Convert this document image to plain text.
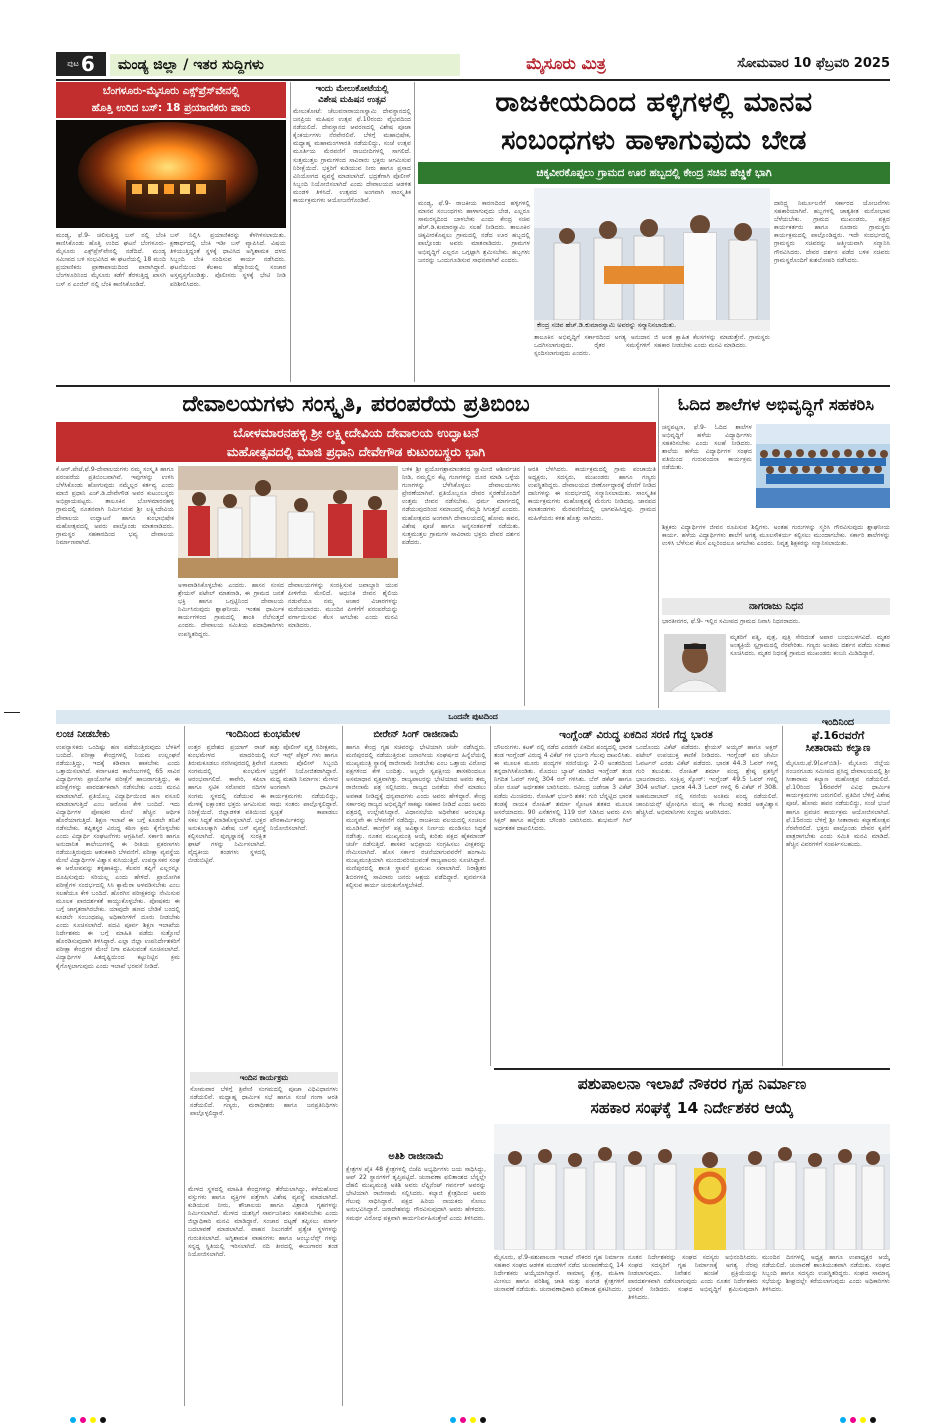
ಪುಟ 6	ಮಂಡ್ಯ ಜಿಲ್ಲಾ / ಇತರ ಸುದ್ದಿಗಳು	ಮೈಸೂರು ಮಿತ್ರ	ಸೋಮವಾರ 10 ಫೆಬ್ರವರಿ 2025
ಬೆಂಗಳೂರು-ಮೈಸೂರು ಎಕ್ಸ್‌ಪ್ರೆಸ್‌ವೇನಲ್ಲಿ
ಹೊತ್ತಿ ಉರಿದ ಬಸ್: 18 ಪ್ರಯಾಣಿಕರು ಪಾರು
ಮಂಡ್ಯ, ಫೆ.9- ಚಲಿಸುತ್ತಿದ್ದ ಬಸ್ ನಲ್ಲಿ ಬೆಂಕಿ ಕಾಣಿಸಿಕೊಂಡು ಹೊತ್ತಿ ಉರಿದ ಘಟನೆ ಬೆಂಗಳೂರು-ಮೈಸೂರು ಎಕ್ಸ್‌ಪ್ರೆಸ್‌ವೇನಲ್ಲಿ ನಡೆದಿದೆ. ಮಂಡ್ಯ ಸಮೀಪದ ಬಳಿ ಸಂಭವಿಸಿದ ಈ ಘಟನೆಯಲ್ಲಿ 18 ಮಂದಿ ಪ್ರಯಾಣಿಕರು ಪ್ರಾಣಾಪಾಯದಿಂದ ಪಾರಾಗಿದ್ದಾರೆ. ಬೆಂಗಳೂರಿನಿಂದ ಮೈಸೂರು ಕಡೆಗೆ ತೆರಳುತ್ತಿದ್ದ ಖಾಸಗಿ ಬಸ್ ನ ಎಂಜಿನ್ ನಲ್ಲಿ ಬೆಂಕಿ ಕಾಣಿಸಿಕೊಂಡಿದೆ.
ಬಸ್ ನಿಲ್ಲಿಸಿ ಪ್ರಯಾಣಿಕರನ್ನು ಕೆಳಗಿಳಿಸಲಾಯಿತು. ಕ್ಷಣಾರ್ಧದಲ್ಲಿ ಬೆಂಕಿ ಇಡೀ ಬಸ್ ವ್ಯಾಪಿಸಿದೆ. ವಿಷಯ ತಿಳಿಯುತ್ತಿದ್ದಂತೆ ಸ್ಥಳಕ್ಕೆ ಧಾವಿಸಿದ ಅಗ್ನಿಶಾಮಕ ದಳದ ಸಿಬ್ಬಂದಿ ಬೆಂಕಿ ನಂದಿಸುವ ಕಾರ್ಯ ನಡೆಸಿದರು. ಘಟನೆಯಿಂದ ಕೆಲಕಾಲ ಹೆದ್ದಾರಿಯಲ್ಲಿ ಸಂಚಾರ ಅಸ್ತವ್ಯಸ್ತಗೊಂಡಿತ್ತು. ಪೊಲೀಸರು ಸ್ಥಳಕ್ಕೆ ಭೇಟಿ ನೀಡಿ ಪರಿಶೀಲಿಸಿದರು.
ಇಂದು ಮೇಲುಕೋಟೆಯಲ್ಲಿ
ವಿಶೇಷ ಮಹಿಷನ ಉತ್ಸವ
ಮೇಲುಕೋಟೆ: ಚೆಲುವನಾರಾಯಣಸ್ವಾಮಿ ದೇವಸ್ಥಾನದಲ್ಲಿ ಜನಪ್ರಿಯ ಮಹಿಷನ ಉತ್ಸವ ಫೆ.10ರಂದು ವೈಭವದಿಂದ ನಡೆಯಲಿದೆ. ದೇವಸ್ಥಾನದ ಆವರಣದಲ್ಲಿ ವಿಶೇಷ ಪೂಜಾ ಕೈಂಕರ್ಯಗಳು ನೆರವೇರಲಿವೆ. ಬೆಳಿಗ್ಗೆ ಮಹಾಭಿಷೇಕ, ಮಧ್ಯಾಹ್ನ ಮಹಾಮಂಗಳಾರತಿ ನಡೆಯಲಿದ್ದು, ಸಂಜೆ ಉತ್ಸವ ಮೂರ್ತಿಯ ಮೆರವಣಿಗೆ ರಾಜಬೀದಿಗಳಲ್ಲಿ ಸಾಗಲಿದೆ. ಸುತ್ತಮುತ್ತಲ ಗ್ರಾಮಗಳಿಂದ ಸಾವಿರಾರು ಭಕ್ತರು ಆಗಮಿಸುವ ನಿರೀಕ್ಷೆಯಿದೆ. ಭಕ್ತರಿಗೆ ಕುಡಿಯುವ ನೀರು ಹಾಗೂ ಪ್ರಸಾದ ವಿನಿಯೋಗದ ವ್ಯವಸ್ಥೆ ಮಾಡಲಾಗಿದೆ. ಭದ್ರತೆಗಾಗಿ ಪೊಲೀಸ್ ಸಿಬ್ಬಂದಿ ನಿಯೋಜಿಸಲಾಗಿದೆ ಎಂದು ದೇವಾಲಯದ ಆಡಳಿತ ಮಂಡಳಿ ತಿಳಿಸಿದೆ. ಉತ್ಸವದ ಅಂಗವಾಗಿ ಸಾಂಸ್ಕೃತಿಕ ಕಾರ್ಯಕ್ರಮಗಳು ಆಯೋಜನೆಗೊಂಡಿವೆ.
ರಾಜಕೀಯದಿಂದ ಹಳ್ಳಿಗಳಲ್ಲಿ ಮಾನವ
ಸಂಬಂಧಗಳು ಹಾಳಾಗುವುದು ಬೇಡ
ಚಿಕ್ಕವೀರಕೊಪ್ಪಲು ಗ್ರಾಮದ ಊರ ಹಬ್ಬದಲ್ಲಿ ಕೇಂದ್ರ ಸಚಿವ ಹೆಚ್ಡಿಕೆ ಭಾಗಿ
ಮಂಡ್ಯ, ಫೆ.9- ರಾಜಕೀಯ ಕಾರಣದಿಂದ ಹಳ್ಳಿಗಳಲ್ಲಿ ಮಾನವ ಸಂಬಂಧಗಳು ಹಾಳಾಗುವುದು ಬೇಡ, ಎಲ್ಲರೂ ಸಾಮರಸ್ಯದಿಂದ ಬಾಳಬೇಕು ಎಂದು ಕೇಂದ್ರ ಸಚಿವ ಹೆಚ್.ಡಿ.ಕುಮಾರಸ್ವಾಮಿ ಸಲಹೆ ನೀಡಿದರು. ತಾಲೂಕಿನ ಚಿಕ್ಕವೀರಕೊಪ್ಪಲು ಗ್ರಾಮದಲ್ಲಿ ನಡೆದ ಊರ ಹಬ್ಬದಲ್ಲಿ ಪಾಲ್ಗೊಂಡು ಅವರು ಮಾತನಾಡಿದರು. ಗ್ರಾಮಗಳ ಅಭಿವೃದ್ಧಿಗೆ ಎಲ್ಲರೂ ಒಗ್ಗಟ್ಟಾಗಿ ಶ್ರಮಿಸಬೇಕು. ಹಬ್ಬಗಳು ಜನರನ್ನು ಒಂದುಗೂಡಿಸುವ ಸಾಧನವಾಗಿವೆ ಎಂದರು.
ಕೇಂದ್ರ ಸಚಿವ ಹೆಚ್.ಡಿ.ಕುಮಾರಸ್ವಾಮಿ ಅವರನ್ನು ಸನ್ಮಾನಿಸಲಾಯಿತು.
ತಾಲೂಕಿನ ಅಭಿವೃದ್ಧಿಗೆ ಸರ್ಕಾರದಿಂದ ಅಗತ್ಯ ಅನುದಾನ ಒದಗಿಸಲಾಗುವುದು. ರೈತರ ಸಮಸ್ಯೆಗಳಿಗೆ ಸ್ಪಂದಿಸಲಾಗುವುದು ಎಂದರು.
ಜಿ ಆಂತ ಕ್ಷಾಹಿತ ಕೆಲಸಗಳನ್ನು ಮಾಡುತ್ತೇನೆ. ಗ್ರಾಮಸ್ಥರು ಸಹಕಾರ ನೀಡಬೇಕು ಎಂದು ಮನವಿ ಮಾಡಿದರು.
ದಾರಿದ್ರ್ಯ ನಿರ್ಮೂಲನೆಗೆ ಸರ್ಕಾರದ ಯೋಜನೆಗಳು ಸಹಕಾರಿಯಾಗಿವೆ. ಹಬ್ಬಗಳಲ್ಲಿ ಜಾತ್ಯತೀತ ಮನೋಭಾವ ಬೆಳೆಯಬೇಕು. ಗ್ರಾಮದ ಮುಖಂಡರು, ಪಕ್ಷದ ಕಾರ್ಯಕರ್ತರು ಹಾಗೂ ನೂರಾರು ಗ್ರಾಮಸ್ಥರು ಕಾರ್ಯಕ್ರಮದಲ್ಲಿ ಪಾಲ್ಗೊಂಡಿದ್ದರು. ಇದೇ ಸಂದರ್ಭದಲ್ಲಿ ಗ್ರಾಮಸ್ಥರು ಸಚಿವರನ್ನು ಆತ್ಮೀಯವಾಗಿ ಸನ್ಮಾನಿಸಿ ಗೌರವಿಸಿದರು. ದೇವರ ದರ್ಶನ ಪಡೆದ ಬಳಿಕ ಸಚಿವರು ಗ್ರಾಮಸ್ಥರೊಂದಿಗೆ ಕುಶಲೋಪರಿ ನಡೆಸಿದರು.
ದೇವಾಲಯಗಳು ಸಂಸ್ಕೃತಿ, ಪರಂಪರೆಯ ಪ್ರತಿಬಿಂಬ
ಬೋಳಮಾರನಹಳ್ಳಿ ಶ್ರೀ ಲಕ್ಷ್ಮೀದೇವಿಯ ದೇವಾಲಯ ಉದ್ಘಾಟನೆ
ಮಹೋತ್ಸವದಲ್ಲಿ ಮಾಜಿ ಪ್ರಧಾನಿ ದೇವೇಗೌಡ ಕುಟುಂಬಸ್ಥರು ಭಾಗಿ
ಕೆ.ಆರ್.ಪೇಟೆ,ಫೆ.9-ದೇವಾಲಯಗಳು ನಮ್ಮ ಸಂಸ್ಕೃತಿ ಹಾಗೂ ಪರಂಪರೆಯ ಪ್ರತಿಬಿಂಬವಾಗಿವೆ. ಇವುಗಳನ್ನು ಉಳಿಸಿ ಬೆಳೆಸಿಕೊಂಡು ಹೋಗುವುದು ನಮ್ಮೆಲ್ಲರ ಕರ್ತವ್ಯ ಎಂದು ಮಾಜಿ ಪ್ರಧಾನಿ ಎಚ್.ಡಿ.ದೇವೇಗೌಡ ಅವರ ಕುಟುಂಬಸ್ಥರು ಅಭಿಪ್ರಾಯಪಟ್ಟರು. ತಾಲೂಕಿನ ಬೋಳಮಾರನಹಳ್ಳಿ ಗ್ರಾಮದಲ್ಲಿ ನೂತನವಾಗಿ ನಿರ್ಮಿಸಿರುವ ಶ್ರೀ ಲಕ್ಷ್ಮೀದೇವಿಯ ದೇವಾಲಯ ಉದ್ಘಾಟನೆ ಹಾಗೂ ಕುಂಭಾಭಿಷೇಕ ಮಹೋತ್ಸವದಲ್ಲಿ ಅವರು ಪಾಲ್ಗೊಂಡು ಮಾತನಾಡಿದರು. ಗ್ರಾಮಸ್ಥರ ಸಹಕಾರದಿಂದ ಭವ್ಯ ದೇವಾಲಯ ನಿರ್ಮಾಣವಾಗಿದೆ.
ಅಳಾವಾಡಿಸಿಕೊಳ್ಳಬೇಕು ಎಂದರು. ಹಾಸನ ಸಂಸದ ಶ್ರೇಯಸ್ ಪಟೇಲ್ ಮಾತನಾಡಿ, ಈ ಗ್ರಾಮದ ಜನತೆ ಭಕ್ತಿ ಹಾಗೂ ಒಗ್ಗಟ್ಟಿನಿಂದ ದೇವಾಲಯ ನಿರ್ಮಿಸಿರುವುದು ಶ್ಲಾಘನೀಯ. ಇಂತಹ ಧಾರ್ಮಿಕ ಕಾರ್ಯಗಳಿಂದ ಗ್ರಾಮದಲ್ಲಿ ಶಾಂತಿ ನೆಲೆಸುತ್ತದೆ ಎಂದರು. ದೇವಾಲಯ ಸಮಿತಿಯ ಪದಾಧಿಕಾರಿಗಳು ಉಪಸ್ಥಿತರಿದ್ದರು.
ದೇವಾಲಯಗಳನ್ನು ಸಂರಕ್ಷಿಸುವ ಜವಾಬ್ದಾರಿ ಯುವ ಪೀಳಿಗೆಯ ಮೇಲಿದೆ. ಆಧುನಿಕ ಜೀವನ ಶೈಲಿಯ ನಡುವೆಯೂ ನಮ್ಮ ಆಚಾರ ವಿಚಾರಗಳನ್ನು ಮರೆಯಬಾರದು. ಮುಂದಿನ ಪೀಳಿಗೆಗೆ ಪರಂಪರೆಯನ್ನು ವರ್ಗಾಯಿಸುವ ಕೆಲಸ ಆಗಬೇಕು ಎಂದು ಮನವಿ ಮಾಡಿದರು.
ಬಳಿಕ ಶ್ರೀ ಪ್ರಯೋಗಶ್ರಾಮಾಂತರದ ಸ್ವಾಮೀಜಿ ಆಶೀರ್ವಚನ ನೀಡಿ, ನಮ್ಮಲ್ಲಿನ ಕೆಟ್ಟ ಗುಣಗಳನ್ನು ದೂರ ಮಾಡಿ ಒಳ್ಳೆಯ ಗುಣಗಳನ್ನು ಬೆಳೆಸಿಕೊಳ್ಳಲು ದೇವಾಲಯಗಳು ಪ್ರೇರಣೆಯಾಗಿವೆ. ಪ್ರತಿಯೊಬ್ಬರೂ ದೇವರ ಸ್ಮರಣೆಯೊಂದಿಗೆ ಉತ್ತಮ ಜೀವನ ನಡೆಸಬೇಕು. ಧರ್ಮ ಮಾರ್ಗದಲ್ಲಿ ನಡೆಯುವುದರಿಂದ ಸಮಾಜದಲ್ಲಿ ನೆಮ್ಮದಿ ಸಿಗುತ್ತದೆ ಎಂದರು. ಮಹೋತ್ಸವದ ಅಂಗವಾಗಿ ದೇವಾಲಯದಲ್ಲಿ ಹೋಮ ಹವನ, ವಿಶೇಷ ಪೂಜೆ ಹಾಗೂ ಅನ್ನಸಂತರ್ಪಣೆ ನಡೆಯಿತು. ಸುತ್ತಮುತ್ತಲ ಗ್ರಾಮಗಳ ಸಾವಿರಾರು ಭಕ್ತರು ದೇವರ ದರ್ಶನ ಪಡೆದರು.
ಆರತಿ ಬೆಳಗಿದರು. ಕಾರ್ಯಕ್ರಮದಲ್ಲಿ ಗ್ರಾಮ ಪಂಚಾಯಿತಿ ಅಧ್ಯಕ್ಷರು, ಸದಸ್ಯರು, ಮುಖಂಡರು ಹಾಗೂ ಗಣ್ಯರು ಉಪಸ್ಥಿತರಿದ್ದರು. ದೇವಾಲಯದ ಜೀರ್ಣೋದ್ಧಾರಕ್ಕೆ ದೇಣಿಗೆ ನೀಡಿದ ದಾನಿಗಳನ್ನು ಈ ಸಂದರ್ಭದಲ್ಲಿ ಸನ್ಮಾನಿಸಲಾಯಿತು. ಸಾಂಸ್ಕೃತಿಕ ಕಾರ್ಯಕ್ರಮಗಳು ಮಹೋತ್ಸವಕ್ಕೆ ಮೆರುಗು ನೀಡಿದವು. ಜಾನಪದ ಕಲಾತಂಡಗಳು ಮೆರವಣಿಗೆಯಲ್ಲಿ ಭಾಗವಹಿಸಿದ್ದವು. ಗ್ರಾಮದ ಮಹಿಳೆಯರು ಕಳಶ ಹೊತ್ತು ಸಾಗಿದರು.
ಓದಿದ ಶಾಲೆಗಳ ಅಭಿವೃದ್ಧಿಗೆ ಸಹಕರಿಸಿ
ಚನ್ನಪಟ್ಟಣ, ಫೆ.9- ಓದಿದ ಶಾಲೆಗಳ ಅಭಿವೃದ್ಧಿಗೆ ಹಳೆಯ ವಿದ್ಯಾರ್ಥಿಗಳು ಸಹಕರಿಸಬೇಕು ಎಂದು ಸಲಹೆ ನೀಡಿದರು. ಶಾಲೆಯ ಹಳೆಯ ವಿದ್ಯಾರ್ಥಿಗಳ ಸಂಘದ ವತಿಯಿಂದ ಗುರುವಂದನಾ ಕಾರ್ಯಕ್ರಮ ನಡೆಯಿತು.
ಶಿಕ್ಷಕರು ವಿದ್ಯಾರ್ಥಿಗಳ ಜೀವನ ರೂಪಿಸುವ ಶಿಲ್ಪಿಗಳು. ಅಂತಹ ಗುರುಗಳನ್ನು ಸ್ಮರಿಸಿ ಗೌರವಿಸುವುದು ಶ್ಲಾಘನೀಯ ಕಾರ್ಯ. ಹಳೆಯ ವಿದ್ಯಾರ್ಥಿಗಳು ಶಾಲೆಗೆ ಅಗತ್ಯ ಮೂಲಸೌಕರ್ಯ ಕಲ್ಪಿಸಲು ಮುಂದಾಗಬೇಕು. ಸರ್ಕಾರಿ ಶಾಲೆಗಳನ್ನು ಉಳಿಸಿ ಬೆಳೆಸುವ ಕೆಲಸ ಎಲ್ಲರಿಂದಲೂ ಆಗಬೇಕು ಎಂದರು. ನಿವೃತ್ತ ಶಿಕ್ಷಕರನ್ನು ಸನ್ಮಾನಿಸಲಾಯಿತು.
ನಾಗರಾಜು ನಿಧನ
ಭಾರತೀನಗರ, ಫೆ.9- ಇಲ್ಲಿನ ಸಮೀಪದ ಗ್ರಾಮದ ನಿವಾಸಿ ನಿಧನರಾದರು.
ಮೃತರಿಗೆ ಪತ್ನಿ, ಪುತ್ರ, ಪುತ್ರಿ ಸೇರಿದಂತೆ ಅಪಾರ ಬಂಧುಬಳಗವಿದೆ. ಮೃತರ ಅಂತ್ಯಕ್ರಿಯೆ ಸ್ವಗ್ರಾಮದಲ್ಲಿ ನೆರವೇರಿತು. ಗಣ್ಯರು ಅಂತಿಮ ದರ್ಶನ ಪಡೆದು ಸಂತಾಪ ಸೂಚಿಸಿದರು. ಮೃತರ ನಿಧನಕ್ಕೆ ಗ್ರಾಮದ ಮುಖಂಡರು ಕಂಬನಿ ಮಿಡಿದಿದ್ದಾರೆ.
ಒಂದನೇ ಪುಟದಿಂದ
ಲಂಚ ನೀಡಬೇಕು
ಉಪನ್ಯಾಸಕರು ಒಂದಿಷ್ಟು ಹಣ ಪಡೆಯುತ್ತಿರುವುದು ಬೆಳಕಿಗೆ ಬಂದಿದೆ. ಪರೀಕ್ಷಾ ಕೇಂದ್ರಗಳಲ್ಲಿ ನಿಯಮ ಉಲ್ಲಂಘನೆ ನಡೆಯುತ್ತಿದ್ದು, ಇದಕ್ಕೆ ಕಡಿವಾಣ ಹಾಕಬೇಕು ಎಂದು ಒತ್ತಾಯಿಸಲಾಗಿದೆ. ಕರ್ನಾಟಕದ ಕಾಲೇಜುಗಳಲ್ಲಿ 65 ಸಾವಿರ ವಿದ್ಯಾರ್ಥಿಗಳು ಪ್ರಾಯೋಗಿಕ ಪರೀಕ್ಷೆಗೆ ಹಾಜರಾಗುತ್ತಿದ್ದು, ಈ ಪರೀಕ್ಷೆಗಳನ್ನು ಪಾರದರ್ಶಕವಾಗಿ ನಡೆಸಬೇಕು ಎಂದು ಮನವಿ ಮಾಡಲಾಗಿದೆ. ಪ್ರತಿಯೊಬ್ಬ ವಿದ್ಯಾರ್ಥಿಯಿಂದ ಹಣ ವಸೂಲಿ ಮಾಡಲಾಗುತ್ತಿದೆ ಎಂಬ ಆರೋಪ ಕೇಳಿ ಬಂದಿದೆ. ಇದು ವಿದ್ಯಾರ್ಥಿಗಳ ಪೋಷಕರ ಮೇಲೆ ಹೆಚ್ಚಿನ ಆರ್ಥಿಕ ಹೊರೆಯಾಗುತ್ತಿದೆ. ಶಿಕ್ಷಣ ಇಲಾಖೆ ಈ ಬಗ್ಗೆ ಕೂಡಲೇ ತನಿಖೆ ನಡೆಸಬೇಕು. ತಪ್ಪಿತಸ್ಥರ ವಿರುದ್ಧ ಕಠಿಣ ಕ್ರಮ ಕೈಗೊಳ್ಳಬೇಕು ಎಂದು ವಿದ್ಯಾರ್ಥಿ ಸಂಘಟನೆಗಳು ಆಗ್ರಹಿಸಿವೆ. ಸರ್ಕಾರಿ ಹಾಗೂ ಅನುದಾನಿತ ಕಾಲೇಜುಗಳಲ್ಲಿ ಈ ರೀತಿಯ ಪ್ರಕರಣಗಳು ನಡೆಯುತ್ತಿರುವುದು ಆತಂಕಕಾರಿ ಬೆಳವಣಿಗೆ. ಪರೀಕ್ಷಾ ವ್ಯವಸ್ಥೆಯ ಮೇಲೆ ವಿದ್ಯಾರ್ಥಿಗಳ ವಿಶ್ವಾಸ ಕುಸಿಯುತ್ತಿದೆ. ಉಪನ್ಯಾಸಕರ ಸಂಘ ಈ ಆರೋಪವನ್ನು ತಳ್ಳಿಹಾಕಿದ್ದು, ಕೆಲವರ ತಪ್ಪಿಗೆ ಎಲ್ಲರನ್ನೂ ದೂಷಿಸುವುದು ಸರಿಯಲ್ಲ ಎಂದು ಹೇಳಿದೆ. ಪ್ರಾಯೋಗಿಕ ಪರೀಕ್ಷೆಗಳ ಸಂದರ್ಭದಲ್ಲಿ ಸಿಸಿ ಕ್ಯಾಮೆರಾ ಅಳವಡಿಸಬೇಕು ಎಂಬ ಸಲಹೆಯೂ ಕೇಳಿ ಬಂದಿದೆ. ಹೊರಗಿನ ಪರೀಕ್ಷಕರನ್ನು ನೇಮಿಸುವ ಮೂಲಕ ಪಾರದರ್ಶಕತೆ ಕಾಯ್ದುಕೊಳ್ಳಬೇಕು. ಪೋಷಕರು ಈ ಬಗ್ಗೆ ಜಾಗೃತರಾಗಿರಬೇಕು. ಯಾವುದೇ ಹಣದ ಬೇಡಿಕೆ ಬಂದಲ್ಲಿ ಕೂಡಲೇ ಸಂಬಂಧಪಟ್ಟ ಅಧಿಕಾರಿಗಳಿಗೆ ದೂರು ನೀಡಬೇಕು ಎಂದು ಸೂಚಿಸಲಾಗಿದೆ. ಪದವಿ ಪೂರ್ವ ಶಿಕ್ಷಣ ಇಲಾಖೆಯ ನಿರ್ದೇಶಕರು ಈ ಬಗ್ಗೆ ಮಾಹಿತಿ ಪಡೆದು ಸುತ್ತೋಲೆ ಹೊರಡಿಸುವುದಾಗಿ ತಿಳಿಸಿದ್ದಾರೆ. ಎಲ್ಲಾ ಜಿಲ್ಲಾ ಉಪನಿರ್ದೇಶಕರಿಗೆ ಪರೀಕ್ಷಾ ಕೇಂದ್ರಗಳ ಮೇಲೆ ನಿಗಾ ವಹಿಸುವಂತೆ ಸೂಚಿಸಲಾಗಿದೆ. ವಿದ್ಯಾರ್ಥಿಗಳ ಹಿತದೃಷ್ಟಿಯಿಂದ ಕಟ್ಟುನಿಟ್ಟಿನ ಕ್ರಮ ಕೈಗೊಳ್ಳಲಾಗುವುದು ಎಂದು ಇಲಾಖೆ ಭರವಸೆ ನೀಡಿದೆ.
ಇಂದಿನಿಂದ ಕುಂಭಮೇಳ
ಉತ್ತರ ಪ್ರದೇಶದ ಪ್ರಯಾಗ್ ರಾಜ್ ಕುಂಭಮೇಳದ ಮಾದರಿಯಲ್ಲಿ ತಿರುಮಕೂಡಲು ನರಸೀಪುರದಲ್ಲಿ ತ್ರಿವೇಣಿ ಸಂಗಮದಲ್ಲಿ ಕುಂಭಮೇಳ ಆರಂಭವಾಗಲಿದೆ. ಕಾವೇರಿ, ಕಪಿಲಾ ಹಾಗೂ ಸ್ಪಟಿಕ ಸರೋವರ ನದಿಗಳ ಸಂಗಮ ಸ್ಥಳದಲ್ಲಿ ನಡೆಯುವ ಈ ಮೇಳಕ್ಕೆ ಲಕ್ಷಾಂತರ ಭಕ್ತರು ಆಗಮಿಸುವ ನಿರೀಕ್ಷೆಯಿದೆ. ಜಿಲ್ಲಾಡಳಿತ ವತಿಯಿಂದ ಸಕಲ ಸಿದ್ಧತೆ ಮಾಡಿಕೊಳ್ಳಲಾಗಿದೆ. ಭಕ್ತರ ಅನುಕೂಲಕ್ಕಾಗಿ ವಿಶೇಷ ಬಸ್ ವ್ಯವಸ್ಥೆ ಕಲ್ಪಿಸಲಾಗಿದೆ. ಪುಣ್ಯಸ್ನಾನಕ್ಕೆ ಸುರಕ್ಷಿತ ಘಾಟ್ ಗಳನ್ನು ನಿರ್ಮಿಸಲಾಗಿದೆ. ವೈದ್ಯಕೀಯ ತಂಡಗಳು ಸ್ಥಳದಲ್ಲಿ ಬೀಡುಬಿಟ್ಟಿವೆ.
ಹತ್ತು ಪೊಲೀಸ್ ವೃತ್ತ ನಿರೀಕ್ಷಕರು, ಸಬ್ ಇನ್ಸ್ ಪೆಕ್ಟರ್ ಗಳು ಹಾಗೂ ನೂರಾರು ಪೊಲೀಸ್ ಸಿಬ್ಬಂದಿ ಭದ್ರತೆಗೆ ನಿಯೋಜಿತರಾಗಿದ್ದಾರೆ. ಮಧ್ಯ ಮಹಡಿ ನಿರ್ಮಾಣ: ಮೇಳದ ಅಂಗವಾಗಿ ಧಾರ್ಮಿಕ ಕಾರ್ಯಕ್ರಮಗಳು ನಡೆಯಲಿದ್ದು, ಸಾಧು ಸಂತರು ಪಾಲ್ಗೊಳ್ಳಲಿದ್ದಾರೆ. ಸ್ವಚ್ಛತೆ ಕಾಪಾಡಲು ಪೌರಕಾರ್ಮಿಕರನ್ನು ನಿಯೋಜಿಸಲಾಗಿದೆ.
ಇಂದಿನ ಕಾರ್ಯಕ್ರಮ
ಸೋಮವಾರ ಬೆಳಿಗ್ಗೆ ತ್ರಿವೇಣಿ ಸಂಗಮದಲ್ಲಿ ಪೂಜಾ ವಿಧಿವಿಧಾನಗಳು ನಡೆಯಲಿವೆ. ಮಧ್ಯಾಹ್ನ ಧಾರ್ಮಿಕ ಸಭೆ ಹಾಗೂ ಸಂಜೆ ಗಂಗಾ ಆರತಿ ನಡೆಯಲಿದೆ. ಗಣ್ಯರು, ಮಠಾಧೀಶರು ಹಾಗೂ ಜನಪ್ರತಿನಿಧಿಗಳು ಪಾಲ್ಗೊಳ್ಳಲಿದ್ದಾರೆ.
ಮೇಳದ ಸ್ಥಳದಲ್ಲಿ ಮಾಹಿತಿ ಕೇಂದ್ರಗಳನ್ನು ತೆರೆಯಲಾಗಿದ್ದು, ಕಳೆದುಹೋದ ವಸ್ತುಗಳು ಹಾಗೂ ವ್ಯಕ್ತಿಗಳ ಪತ್ತೆಗಾಗಿ ವಿಶೇಷ ವ್ಯವಸ್ಥೆ ಮಾಡಲಾಗಿದೆ. ಕುಡಿಯುವ ನೀರು, ಶೌಚಾಲಯ ಹಾಗೂ ವಿಶ್ರಾಂತಿ ಗೃಹಗಳನ್ನು ನಿರ್ಮಿಸಲಾಗಿದೆ. ಮೇಳದ ಯಶಸ್ಸಿಗೆ ಸಾರ್ವಜನಿಕರು ಸಹಕರಿಸಬೇಕು ಎಂದು ಜಿಲ್ಲಾಧಿಕಾರಿ ಮನವಿ ಮಾಡಿದ್ದಾರೆ. ಸಂಚಾರ ದಟ್ಟಣೆ ತಪ್ಪಿಸಲು ಮಾರ್ಗ ಬದಲಾವಣೆ ಮಾಡಲಾಗಿದೆ. ವಾಹನ ನಿಲುಗಡೆಗೆ ಪ್ರತ್ಯೇಕ ಸ್ಥಳಗಳನ್ನು ಗುರುತಿಸಲಾಗಿದೆ. ಅಗ್ನಿಶಾಮಕ ವಾಹನಗಳು ಹಾಗೂ ಆಂಬ್ಯುಲೆನ್ಸ್ ಗಳನ್ನು ಸನ್ನದ್ಧ ಸ್ಥಿತಿಯಲ್ಲಿ ಇರಿಸಲಾಗಿದೆ. ನದಿ ತೀರದಲ್ಲಿ ಈಜುಗಾರರ ತಂಡ ನಿಯೋಜಿಸಲಾಗಿದೆ.
ಬೀರೇನ್ ಸಿಂಗ್ ರಾಜೀನಾಮೆ
ಹಾಗೂ ಕೇಂದ್ರ ಗೃಹ ಸಚಿವರನ್ನು ಭೇಟಿಯಾಗಿ ಚರ್ಚೆ ನಡೆಸಿದ್ದರು. ಮಣಿಪುರದಲ್ಲಿ ನಡೆಯುತ್ತಿರುವ ಜನಾಂಗೀಯ ಸಂಘರ್ಷದ ಹಿನ್ನೆಲೆಯಲ್ಲಿ ಮುಖ್ಯಮಂತ್ರಿ ಸ್ಥಾನಕ್ಕೆ ರಾಜೀನಾಮೆ ನೀಡಬೇಕು ಎಂಬ ಒತ್ತಾಯ ವಿರೋಧ ಪಕ್ಷಗಳಿಂದ ಕೇಳಿ ಬಂದಿತ್ತು. ಅಲ್ಲದೇ ಸ್ವಪಕ್ಷೀಯ ಶಾಸಕರಿಂದಲೂ ಅಸಮಾಧಾನ ವ್ಯಕ್ತವಾಗಿತ್ತು. ರಾಜ್ಯಪಾಲರನ್ನು ಭೇಟಿಯಾದ ಅವರು ತಮ್ಮ ರಾಜೀನಾಮೆ ಪತ್ರ ಸಲ್ಲಿಸಿದರು. ರಾಜ್ಯದ ಜನತೆಯ ಸೇವೆ ಮಾಡಲು ಅವಕಾಶ ನೀಡಿದ್ದಕ್ಕೆ ಧನ್ಯವಾದಗಳು ಎಂದು ಅವರು ಹೇಳಿದ್ದಾರೆ. ಕೇಂದ್ರ ಸರ್ಕಾರವು ರಾಜ್ಯದ ಅಭಿವೃದ್ಧಿಗೆ ಸಾಕಷ್ಟು ಸಹಕಾರ ನೀಡಿದೆ ಎಂದು ಅವರು ಪತ್ರದಲ್ಲಿ ಉಲ್ಲೇಖಿಸಿದ್ದಾರೆ. ವಿಧಾನಸಭೆಯ ಅಧಿವೇಶನ ಆರಂಭಕ್ಕೂ ಮುನ್ನವೇ ಈ ಬೆಳವಣಿಗೆ ನಡೆದಿದ್ದು, ರಾಜಕೀಯ ವಲಯದಲ್ಲಿ ಸಂಚಲನ ಮೂಡಿಸಿದೆ. ಕಾಂಗ್ರೆಸ್ ಪಕ್ಷ ಅವಿಶ್ವಾಸ ನಿರ್ಣಯ ಮಂಡಿಸಲು ಸಿದ್ಧತೆ ನಡೆಸಿತ್ತು. ನೂತನ ಮುಖ್ಯಮಂತ್ರಿ ಆಯ್ಕೆ ಕುರಿತು ಪಕ್ಷದ ಹೈಕಮಾಂಡ್ ಚರ್ಚೆ ನಡೆಸುತ್ತಿದೆ. ಶಾಸಕರ ಅಭಿಪ್ರಾಯ ಸಂಗ್ರಹಿಸಲು ವೀಕ್ಷಕರನ್ನು ನೇಮಿಸಲಾಗಿದೆ. ಹೊಸ ಸರ್ಕಾರ ರಚನೆಯಾಗುವವರೆಗೆ ಹಂಗಾಮಿ ಮುಖ್ಯಮಂತ್ರಿಯಾಗಿ ಮುಂದುವರಿಯುವಂತೆ ರಾಜ್ಯಪಾಲರು ಸೂಚಿಸಿದ್ದಾರೆ. ಮಣಿಪುರದಲ್ಲಿ ಶಾಂತಿ ಸ್ಥಾಪನೆ ಪ್ರಮುಖ ಸವಾಲಾಗಿದೆ. ನಿರಾಶ್ರಿತರ ಶಿಬಿರಗಳಲ್ಲಿ ಸಾವಿರಾರು ಜನರು ಆಶ್ರಯ ಪಡೆದಿದ್ದಾರೆ. ಪುನರ್ವಸತಿ ಕಲ್ಪಿಸುವ ಕಾರ್ಯ ಚುರುಕುಗೊಳ್ಳಬೇಕಿದೆ.
ಅತಿಶಿ ರಾಜೀನಾಮೆ
ಕ್ಷೇತ್ರಗಳ ಪೈಕಿ 48 ಕ್ಷೇತ್ರಗಳಲ್ಲಿ ಬಿಜೆಪಿ ಅಭ್ಯರ್ಥಿಗಳು ಜಯ ಸಾಧಿಸಿದ್ದು, ಆಪ್ 22 ಸ್ಥಾನಗಳಿಗೆ ತೃಪ್ತಿಪಟ್ಟಿದೆ. ಚುನಾವಣಾ ಫಲಿತಾಂಶದ ಬೆನ್ನಲ್ಲೇ ದೆಹಲಿ ಮುಖ್ಯಮಂತ್ರಿ ಅತಿಶಿ ಅವರು ಲೆಫ್ಟಿನೆಂಟ್ ಗವರ್ನರ್ ಅವರನ್ನು ಭೇಟಿಯಾಗಿ ರಾಜೀನಾಮೆ ಸಲ್ಲಿಸಿದರು. ಕಲ್ಕಾಜಿ ಕ್ಷೇತ್ರದಿಂದ ಅವರು ಗೆಲುವು ಸಾಧಿಸಿದ್ದಾರೆ. ಪಕ್ಷದ ಹಿರಿಯ ನಾಯಕರು ಸೋಲು ಅನುಭವಿಸಿದ್ದಾರೆ. ಜನಾದೇಶವನ್ನು ಗೌರವಿಸುವುದಾಗಿ ಅವರು ಹೇಳಿದರು. ಸಮರ್ಥ ವಿರೋಧ ಪಕ್ಷವಾಗಿ ಕಾರ್ಯನಿರ್ವಹಿಸುತ್ತೇವೆ ಎಂದು ತಿಳಿಸಿದರು.
ಇಂಗ್ಲೆಂಡ್ ವಿರುದ್ಧ ಏಕದಿನ ಸರಣಿ ಗೆದ್ದ ಭಾರತ
ಬೌಲರುಗಳು. ಕಟಕ್ ನಲ್ಲಿ ನಡೆದ ಎರಡನೇ ಏಕದಿನ ಪಂದ್ಯದಲ್ಲಿ ಭಾರತ ತಂಡ ಇಂಗ್ಲೆಂಡ್ ವಿರುದ್ಧ 4 ವಿಕೆಟ್ ಗಳ ಭರ್ಜರಿ ಗೆಲುವು ದಾಖಲಿಸಿತು. ಈ ಮೂಲಕ ಮೂರು ಪಂದ್ಯಗಳ ಸರಣಿಯನ್ನು 2-0 ಅಂತರದಿಂದ ತನ್ನದಾಗಿಸಿಕೊಂಡಿತು. ಮೊದಲು ಬ್ಯಾಟ್ ಮಾಡಿದ ಇಂಗ್ಲೆಂಡ್ ತಂಡ ನಿಗದಿತ ಓವರ್ ಗಳಲ್ಲಿ 304 ರನ್ ಗಳಿಸಿತು. ಬೆನ್ ಡಕೆಟ್ ಹಾಗೂ ಜೋ ರೂಟ್ ಅರ್ಧಶತಕ ಬಾರಿಸಿದರು. ರವೀಂದ್ರ ಜಡೇಜಾ 3 ವಿಕೆಟ್ ಪಡೆದು ಮಿಂಚಿದರು. ರೋಹಿತ್ ಭರ್ಜರಿ ಶತಕ: ಗುರಿ ಬೆನ್ನಟ್ಟಿದ ಭಾರತ ತಂಡಕ್ಕೆ ನಾಯಕ ರೋಹಿತ್ ಶರ್ಮಾ ಸ್ಫೋಟಕ ಶತಕದ ಮೂಲಕ ಆಸರೆಯಾದರು. 90 ಎಸೆತಗಳಲ್ಲಿ 119 ರನ್ ಸಿಡಿಸಿದ ಅವರು ಏಳು ಸಿಕ್ಸರ್ ಹಾಗೂ ಹನ್ನೆರಡು ಬೌಂಡರಿ ಬಾರಿಸಿದರು. ಶುಭಮನ್ ಗಿಲ್ ಅರ್ಧಶತಕ ದಾಖಲಿಸಿದರು.
ಒಂದೊಂದು ವಿಕೆಟ್ ಪಡೆದರು. ಶ್ರೇಯಸ್ ಅಯ್ಯರ್ ಹಾಗೂ ಅಕ್ಷರ್ ಪಟೇಲ್ ಉಪಯುಕ್ತ ಕಾಣಿಕೆ ನೀಡಿದರು. ಇಂಗ್ಲೆಂಡ್ ಪರ ಜೇಮೀ ಓವರ್ಟನ್ ಎರಡು ವಿಕೆಟ್ ಪಡೆದರು. ಭಾರತ 44.3 ಓವರ್ ಗಳಲ್ಲಿ ಗುರಿ ತಲುಪಿತು. ರೋಹಿತ್ ಶರ್ಮಾ ಪಂದ್ಯ ಶ್ರೇಷ್ಠ ಪ್ರಶಸ್ತಿಗೆ ಭಾಜನರಾದರು. ಸಂಕ್ಷಿಪ್ತ ಸ್ಕೋರ್: ಇಂಗ್ಲೆಂಡ್ 49.5 ಓವರ್ ಗಳಲ್ಲಿ 304 ಆಲೌಟ್. ಭಾರತ 44.3 ಓವರ್ ಗಳಲ್ಲಿ 6 ವಿಕೆಟ್ ಗೆ 308. ಅಹಮದಾಬಾದ್ ನಲ್ಲಿ ಸರಣಿಯ ಅಂತಿಮ ಪಂದ್ಯ ನಡೆಯಲಿದೆ. ಚಾಂಪಿಯನ್ಸ್ ಟ್ರೋಫಿಗೂ ಮುನ್ನ ಈ ಗೆಲುವು ತಂಡದ ಆತ್ಮವಿಶ್ವಾಸ ಹೆಚ್ಚಿಸಿದೆ. ಅಭಿಮಾನಿಗಳು ಸಂಭ್ರಮ ಆಚರಿಸಿದರು.
ಇಂದಿನಿಂದ
ಫೆ.16ರವರೆಗೆ
ಸೀತಾರಾಮ ಕಲ್ಯಾಣ
ಮೈಸೂರು,ಫೆ.9(ಎಸ್‌ಬಿಡಿ)- ಮೈಸೂರು ಜಿಲ್ಲೆಯ ನಂಜನಗೂಡು ಸಮೀಪದ ಪ್ರಸಿದ್ಧ ದೇವಾಲಯದಲ್ಲಿ ಶ್ರೀ ಸೀತಾರಾಮ ಕಲ್ಯಾಣ ಮಹೋತ್ಸವ ನಡೆಯಲಿದೆ. ಫೆ.10ರಿಂದ 16ರವರೆಗೆ ವಿವಿಧ ಧಾರ್ಮಿಕ ಕಾರ್ಯಕ್ರಮಗಳು ಜರುಗಲಿವೆ. ಪ್ರತಿದಿನ ಬೆಳಿಗ್ಗೆ ವಿಶೇಷ ಪೂಜೆ, ಹೋಮ ಹವನ ನಡೆಯಲಿದ್ದು, ಸಂಜೆ ಭಜನೆ ಹಾಗೂ ಪ್ರವಚನ ಕಾರ್ಯಕ್ರಮ ಆಯೋಜಿಸಲಾಗಿದೆ. ಫೆ.15ರಂದು ಬೆಳಿಗ್ಗೆ ಶ್ರೀ ಸೀತಾರಾಮ ಕಲ್ಯಾಣೋತ್ಸವ ನೆರವೇರಲಿದೆ. ಭಕ್ತರು ಪಾಲ್ಗೊಂಡು ದೇವರ ಕೃಪೆಗೆ ಪಾತ್ರರಾಗಬೇಕು ಎಂದು ಸಮಿತಿ ಮನವಿ ಮಾಡಿದೆ. ಹೆಚ್ಚಿನ ವಿವರಗಳಿಗೆ ಸಂಪರ್ಕಿಸಬಹುದು.
ಪಶುಪಾಲನಾ ಇಲಾಖೆ ನೌಕರರ ಗೃಹ ನಿರ್ಮಾಣ
ಸಹಕಾರ ಸಂಘಕ್ಕೆ 14 ನಿರ್ದೇಶಕರ ಆಯ್ಕೆ
ಮೈಸೂರು, ಫೆ.9-ಪಶುಪಾಲನಾ ಇಲಾಖೆ ನೌಕರರ ಗೃಹ ನಿರ್ಮಾಣ ಸಹಕಾರ ಸಂಘದ ಆಡಳಿತ ಮಂಡಳಿಗೆ ನಡೆದ ಚುನಾವಣೆಯಲ್ಲಿ 14 ನಿರ್ದೇಶಕರು ಆಯ್ಕೆಯಾಗಿದ್ದಾರೆ. ಸಾಮಾನ್ಯ ಕ್ಷೇತ್ರ, ಮಹಿಳಾ ಮೀಸಲು ಹಾಗೂ ಪರಿಶಿಷ್ಟ ಜಾತಿ ಮತ್ತು ಪಂಗಡ ಕ್ಷೇತ್ರಗಳಿಗೆ ಚುನಾವಣೆ ನಡೆಯಿತು. ಚುನಾವಣಾಧಿಕಾರಿ ಫಲಿತಾಂಶ ಪ್ರಕಟಿಸಿದರು.
ನೂತನ ನಿರ್ದೇಶಕರನ್ನು ಸಂಘದ ಸದಸ್ಯರು ಅಭಿನಂದಿಸಿದರು. ಸಂಘದ ಸದಸ್ಯರಿಗೆ ಗೃಹ ನಿರ್ಮಾಣಕ್ಕೆ ಅಗತ್ಯ ನೆರವು ನೀಡಲಾಗುವುದು. ನಿವೇಶನ ಹಂಚಿಕೆ ಪ್ರಕ್ರಿಯೆಯನ್ನು ಪಾರದರ್ಶಕವಾಗಿ ನಡೆಸಲಾಗುವುದು ಎಂದು ನೂತನ ನಿರ್ದೇಶಕರು ಭರವಸೆ ನೀಡಿದರು. ಸಂಘದ ಅಭಿವೃದ್ಧಿಗೆ ಶ್ರಮಿಸುವುದಾಗಿ ತಿಳಿಸಿದರು.
ಮುಂದಿನ ದಿನಗಳಲ್ಲಿ ಅಧ್ಯಕ್ಷ ಹಾಗೂ ಉಪಾಧ್ಯಕ್ಷರ ಆಯ್ಕೆ ನಡೆಯಲಿದೆ. ಚುನಾವಣೆ ಶಾಂತಿಯುತವಾಗಿ ನಡೆಯಿತು. ಸಂಘದ ಸಿಬ್ಬಂದಿ ಹಾಗೂ ಸದಸ್ಯರು ಉಪಸ್ಥಿತರಿದ್ದರು. ಸಂಘದ ಸಾಮಾನ್ಯ ಸಭೆಯನ್ನು ಶೀಘ್ರದಲ್ಲೇ ಕರೆಯಲಾಗುವುದು ಎಂದು ಅಧಿಕಾರಿಗಳು ತಿಳಿಸಿದರು.
